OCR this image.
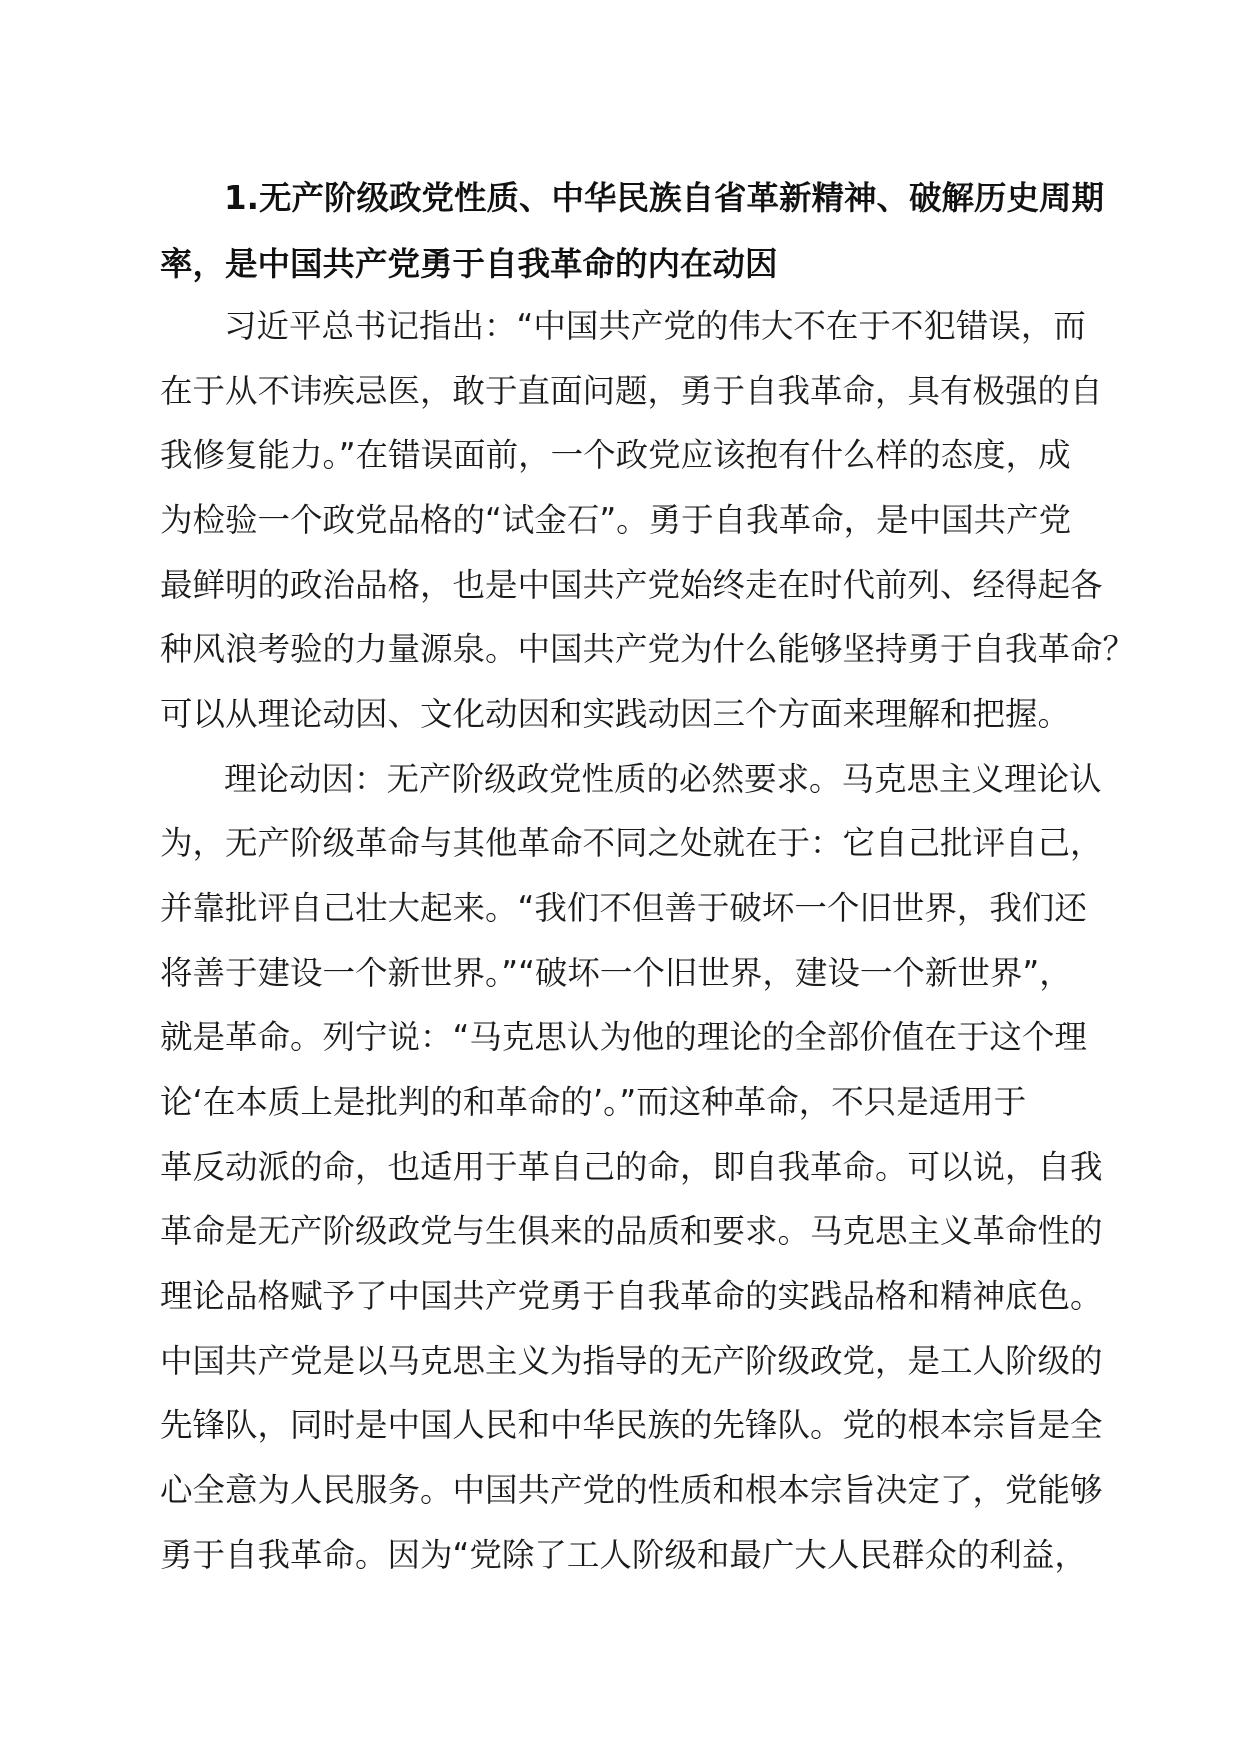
1.无产阶级政党性质、中华民族自省革新精神、破解历史周期

率，是中国共产党勇于自我革命的内在动因

习近平总书记指出：“中国共产党的伟大不在于不犯错误，而

在于从不讳疾忌医，敢于直面问题，勇于自我革命，具有极强的自

我修复能力。”在错误面前，一个政党应该抱有什么样的态度，成

为检验一个政党品格的“试金石”。勇于自我革命，是中国共产党

最鲜明的政治品格，也是中国共产党始终走在时代前列、经得起各

种风浪考验的力量源泉。中国共产党为什么能够坚持勇于自我革命？

可以从理论动因、文化动因和实践动因三个方面来理解和把握。

理论动因：无产阶级政党性质的必然要求。马克思主义理论认

为，无产阶级革命与其他革命不同之处就在于：它自己批评自己，

并靠批评自己壮大起来。“我们不但善于破坏一个旧世界，我们还

将善于建设一个新世界。”“破坏一个旧世界，建设一个新世界”，

就是革命。列宁说：“马克思认为他的理论的全部价值在于这个理

论‘在本质上是批判的和革命的’。”而这种革命，不只是适用于

革反动派的命，也适用于革自己的命，即自我革命。可以说，自我

革命是无产阶级政党与生俱来的品质和要求。马克思主义革命性的

理论品格赋予了中国共产党勇于自我革命的实践品格和精神底色。

中国共产党是以马克思主义为指导的无产阶级政党，是工人阶级的

先锋队，同时是中国人民和中华民族的先锋队。党的根本宗旨是全

心全意为人民服务。中国共产党的性质和根本宗旨决定了，党能够

勇于自我革命。因为“党除了工人阶级和最广大人民群众的利益，
